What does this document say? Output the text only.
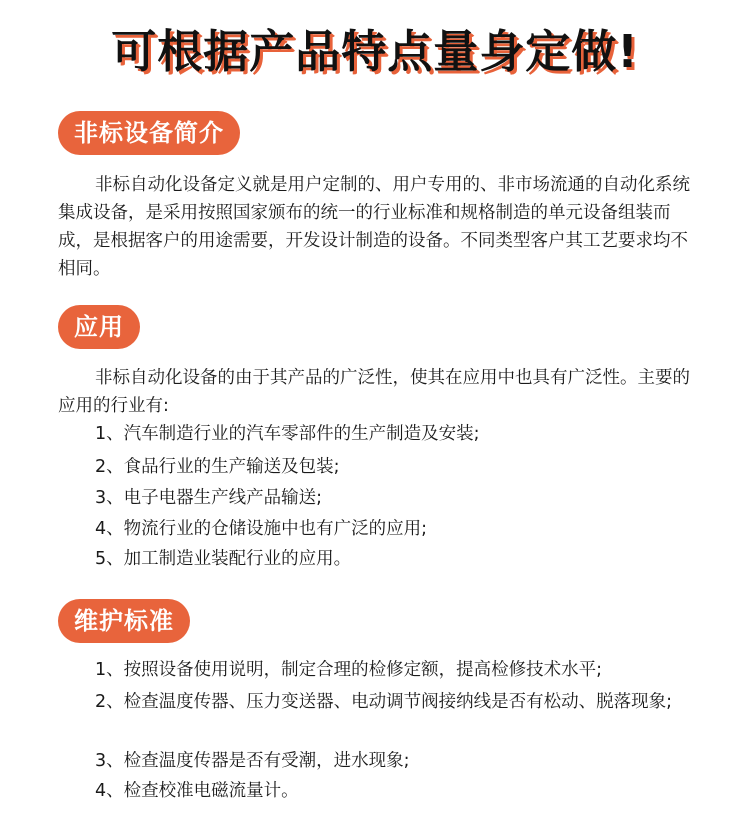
可根据产品特点量身定做!
非标设备简介

非标自动化设备定义就是用户定制的、用户专用的、非市场流通的自动化系统集成设备，是采用按照国家颁布的统一的行业标准和规格制造的单元设备组装而成，是根据客户的用途需要，开发设计制造的设备。不同类型客户其工艺要求均不相同。

应用

非标自动化设备的由于其产品的广泛性，使其在应用中也具有广泛性。主要的应用的行业有:

1、汽车制造行业的汽车零部件的生产制造及安装;

2、食品行业的生产输送及包装;

3、电子电器生产线产品输送;

4、物流行业的仓储设施中也有广泛的应用;

5、加工制造业装配行业的应用。

维护标准

1、按照设备使用说明，制定合理的检修定额，提高检修技术水平;

2、检查温度传器、压力变送器、电动调节阀接纳线是否有松动、脱落现象;

3、检查温度传器是否有受潮，进水现象;

4、检查校准电磁流量计。
